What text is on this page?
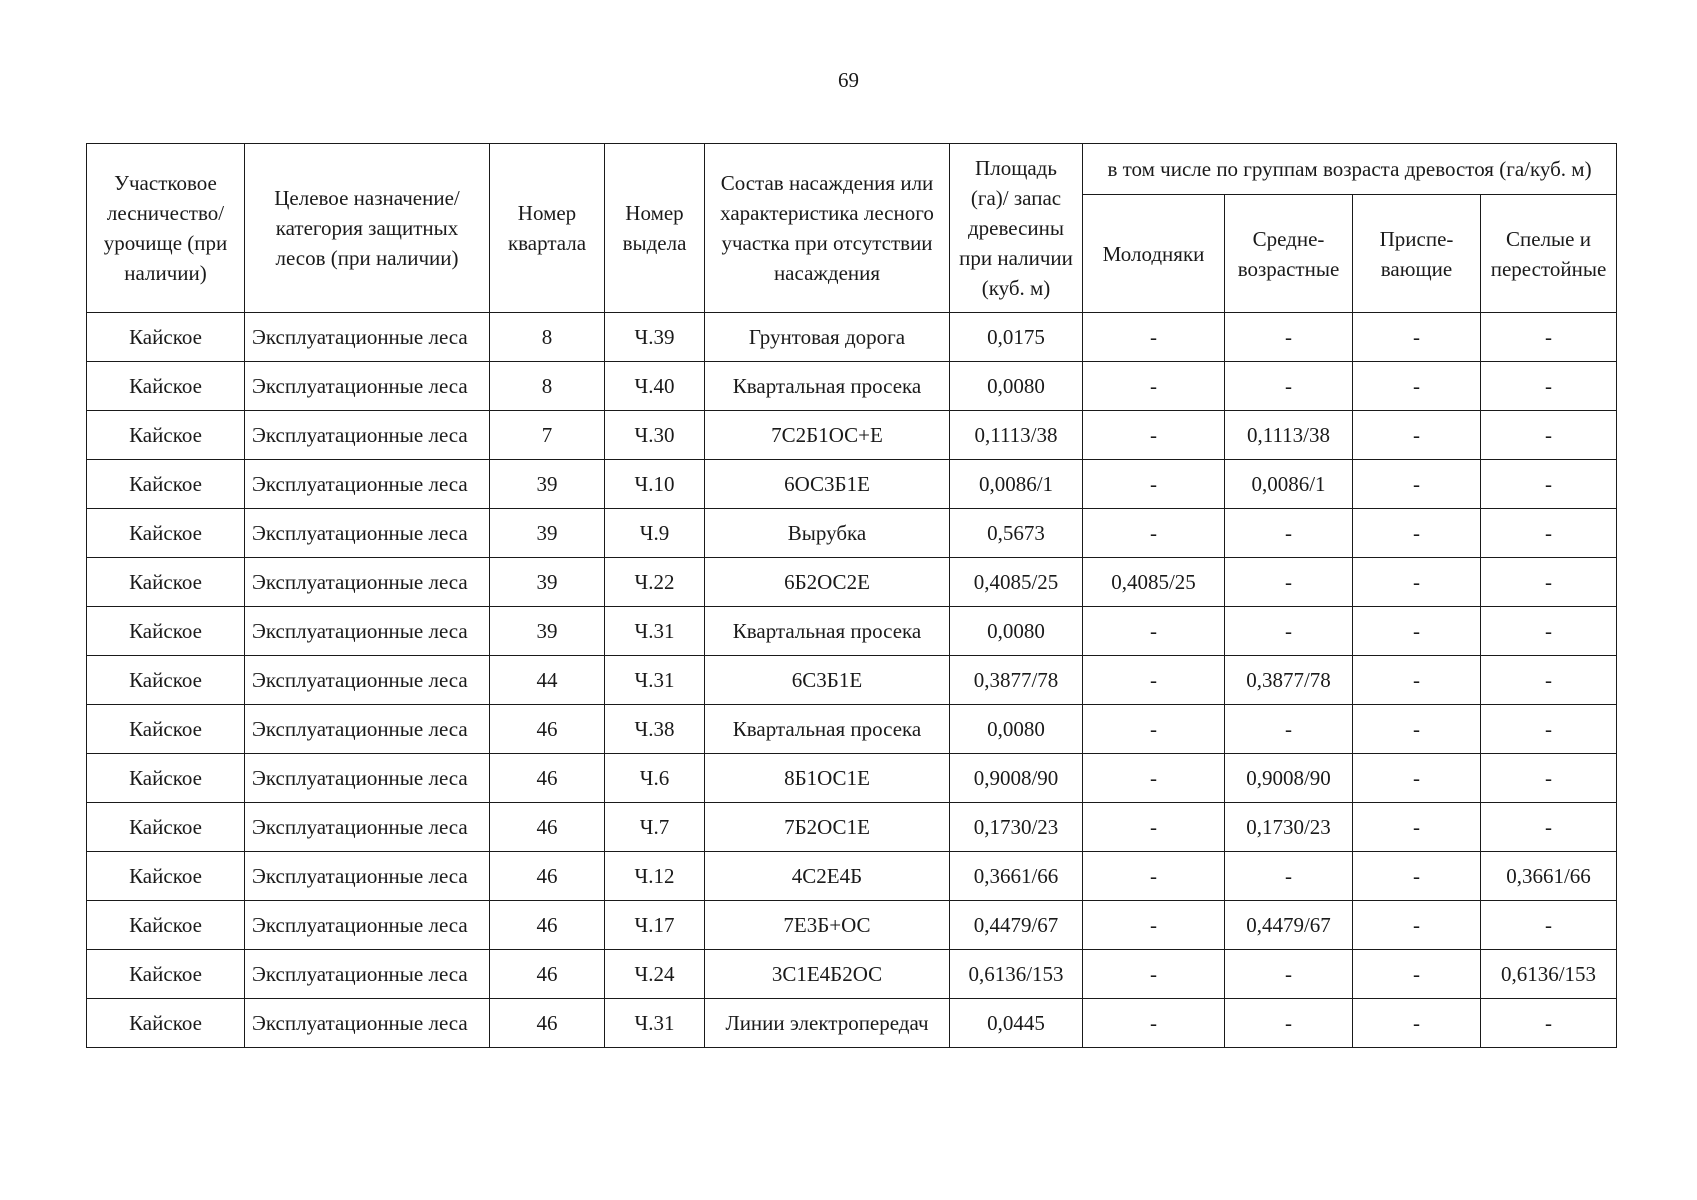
69
Участковое лесничество/ урочище (при наличии)	Целевое назначение/ категория защитных лесов (при наличии)	Номер квартала	Номер выдела	Состав насаждения или характеристика лесного участка при отсутствии насаждения	Площадь (га)/ запас древесины при наличии (куб. м)	в том числе по группам возраста древостоя (га/куб. м)			
						Молодняки	Средне-возрастные	Приспе-вающие	Спелые и перестойные
Кайское	Эксплуатационные леса	8	Ч.39	Грунтовая дорога	0,0175	-	-	-	-
Кайское	Эксплуатационные леса	8	Ч.40	Квартальная просека	0,0080	-	-	-	-
Кайское	Эксплуатационные леса	7	Ч.30	7С2Б1ОС+Е	0,1113/38	-	0,1113/38	-	-
Кайское	Эксплуатационные леса	39	Ч.10	6ОС3Б1Е	0,0086/1	-	0,0086/1	-	-
Кайское	Эксплуатационные леса	39	Ч.9	Вырубка	0,5673	-	-	-	-
Кайское	Эксплуатационные леса	39	Ч.22	6Б2ОС2Е	0,4085/25	0,4085/25	-	-	-
Кайское	Эксплуатационные леса	39	Ч.31	Квартальная просека	0,0080	-	-	-	-
Кайское	Эксплуатационные леса	44	Ч.31	6С3Б1Е	0,3877/78	-	0,3877/78	-	-
Кайское	Эксплуатационные леса	46	Ч.38	Квартальная просека	0,0080	-	-	-	-
Кайское	Эксплуатационные леса	46	Ч.6	8Б1ОС1Е	0,9008/90	-	0,9008/90	-	-
Кайское	Эксплуатационные леса	46	Ч.7	7Б2ОС1Е	0,1730/23	-	0,1730/23	-	-
Кайское	Эксплуатационные леса	46	Ч.12	4С2Е4Б	0,3661/66	-	-	-	0,3661/66
Кайское	Эксплуатационные леса	46	Ч.17	7Е3Б+ОС	0,4479/67	-	0,4479/67	-	-
Кайское	Эксплуатационные леса	46	Ч.24	3С1Е4Б2ОС	0,6136/153	-	-	-	0,6136/153
Кайское	Эксплуатационные леса	46	Ч.31	Линии электропередач	0,0445	-	-	-	-
